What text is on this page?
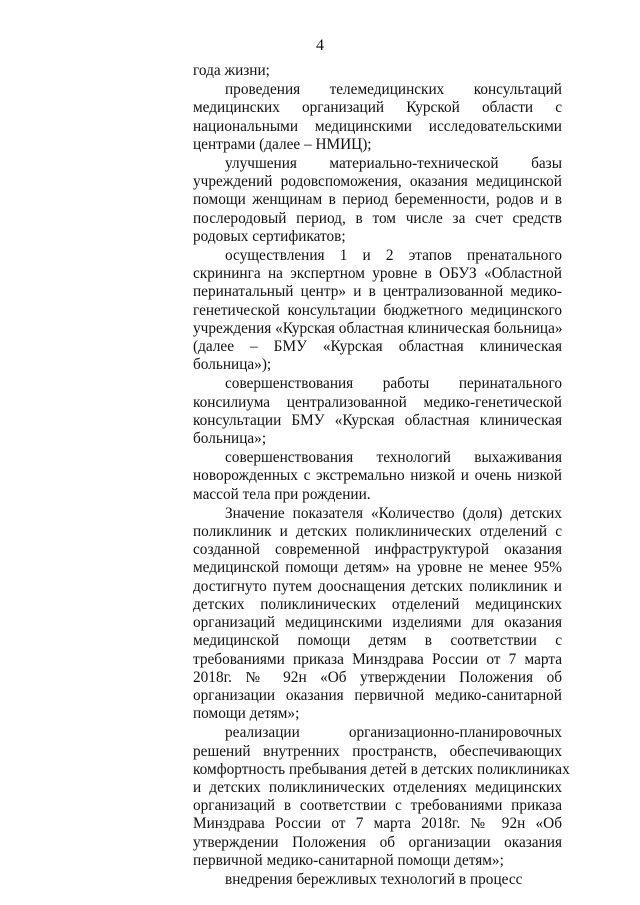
4
года жизни;
проведения телемедицинских консультаций
медицинских организаций Курской области с
национальными медицинскими исследовательскими
центрами (далее – НМИЦ);
улучшения материально-технической базы
учреждений родовспоможения, оказания медицинской
помощи женщинам в период беременности, родов и в
послеродовый период, в том числе за счет средств
родовых сертификатов;
осуществления 1 и 2 этапов пренатального
скрининга на экспертном уровне в ОБУЗ «Областной
перинатальный центр» и в централизованной медико-
генетической консультации бюджетного медицинского
учреждения «Курская областная клиническая больница»
(далее – БМУ «Курская областная клиническая
больница»);
совершенствования работы перинатального
консилиума централизованной медико-генетической
консультации БМУ «Курская областная клиническая
больница»;
совершенствования технологий выхаживания
новорожденных с экстремально низкой и очень низкой
массой тела при рождении.
Значение показателя «Количество (доля) детских
поликлиник и детских поликлинических отделений с
созданной современной инфраструктурой оказания
медицинской помощи детям» на уровне не менее 95%
достигнуто путем дооснащения детских поликлиник и
детских поликлинических отделений медицинских
организаций медицинскими изделиями для оказания
медицинской помощи детям в соответствии с
требованиями приказа Минздрава России от 7 марта
2018г. № 92н «Об утверждении Положения об
организации оказания первичной медико-санитарной
помощи детям»;
реализации организационно-планировочных
решений внутренних пространств, обеспечивающих
комфортность пребывания детей в детских поликлиниках
и детских поликлинических отделениях медицинских
организаций в соответствии с требованиями приказа
Минздрава России от 7 марта 2018г. № 92н «Об
утверждении Положения об организации оказания
первичной медико-санитарной помощи детям»;
внедрения бережливых технологий в процесс
